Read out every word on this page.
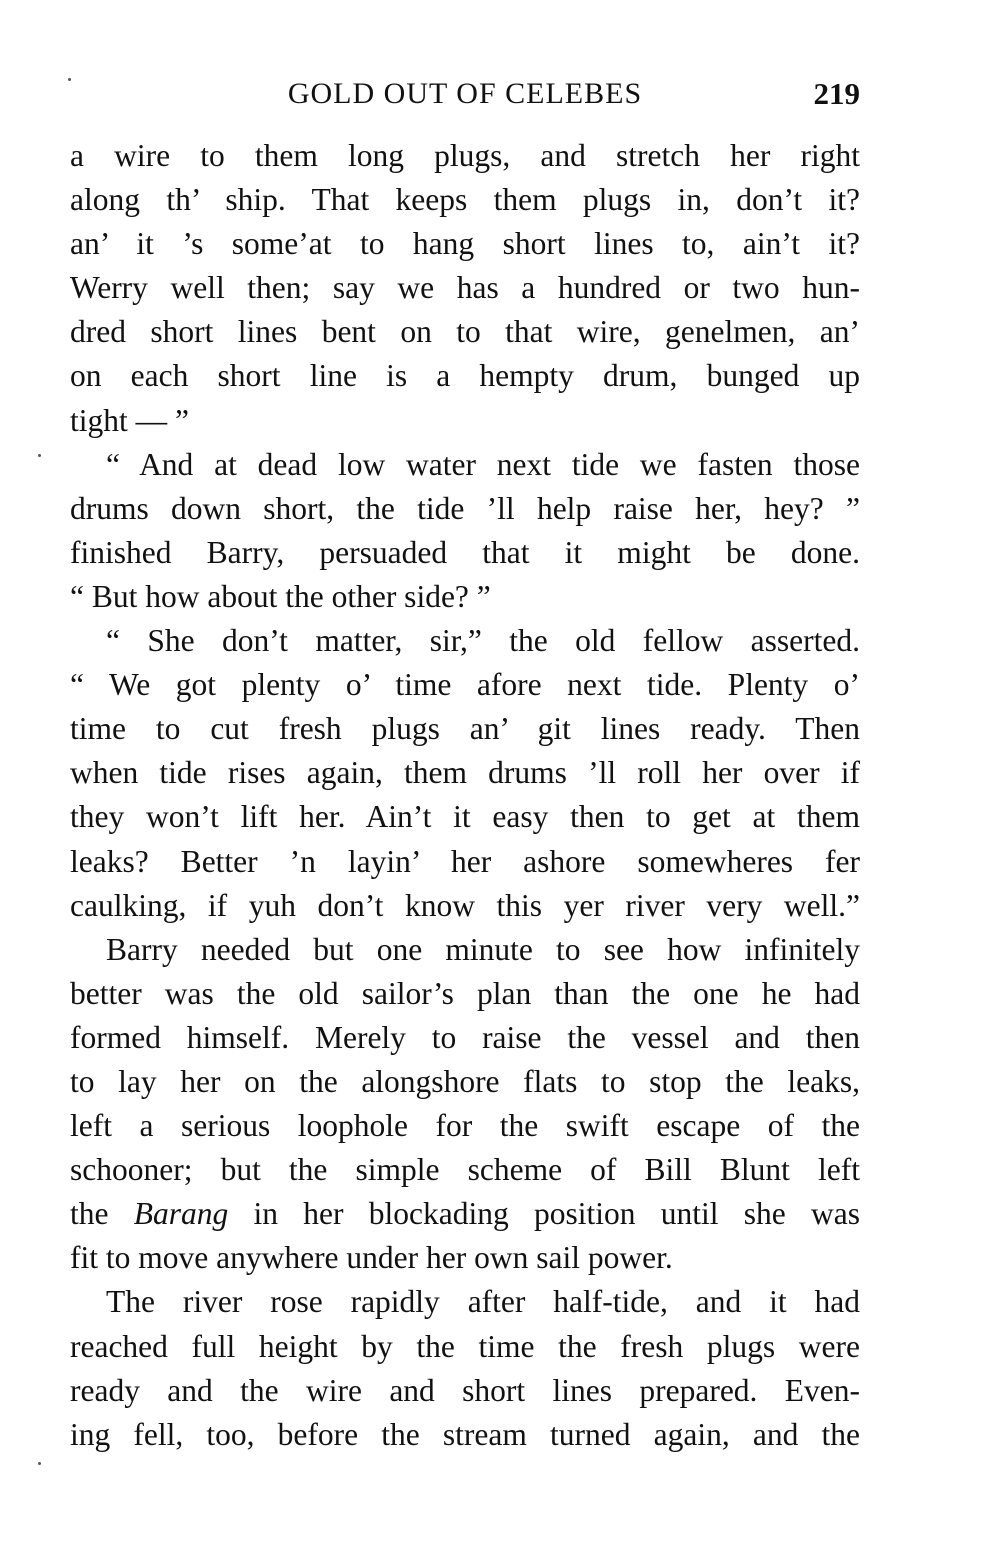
GOLD OUT OF CELEBES	219
a wire to them long plugs, and stretch her right
along th’ ship. That keeps them plugs in, don’t it?
an’ it ’s some’at to hang short lines to, ain’t it?
Werry well then; say we has a hundred or two hun-
dred short lines bent on to that wire, genelmen, an’
on each short line is a hempty drum, bunged up
tight — ”
“ And at dead low water next tide we fasten those
drums down short, the tide ’ll help raise her, hey? ”
finished Barry, persuaded that it might be done.
“ But how about the other side? ”
“ She don’t matter, sir,” the old fellow asserted.
“ We got plenty o’ time afore next tide. Plenty o’
time to cut fresh plugs an’ git lines ready. Then
when tide rises again, them drums ’ll roll her over if
they won’t lift her. Ain’t it easy then to get at them
leaks? Better ’n layin’ her ashore somewheres fer
caulking, if yuh don’t know this yer river very well.”
Barry needed but one minute to see how infinitely
better was the old sailor’s plan than the one he had
formed himself. Merely to raise the vessel and then
to lay her on the alongshore flats to stop the leaks,
left a serious loophole for the swift escape of the
schooner; but the simple scheme of Bill Blunt left
the Barang in her blockading position until she was
fit to move anywhere under her own sail power.
The river rose rapidly after half-tide, and it had
reached full height by the time the fresh plugs were
ready and the wire and short lines prepared. Even-
ing fell, too, before the stream turned again, and the
